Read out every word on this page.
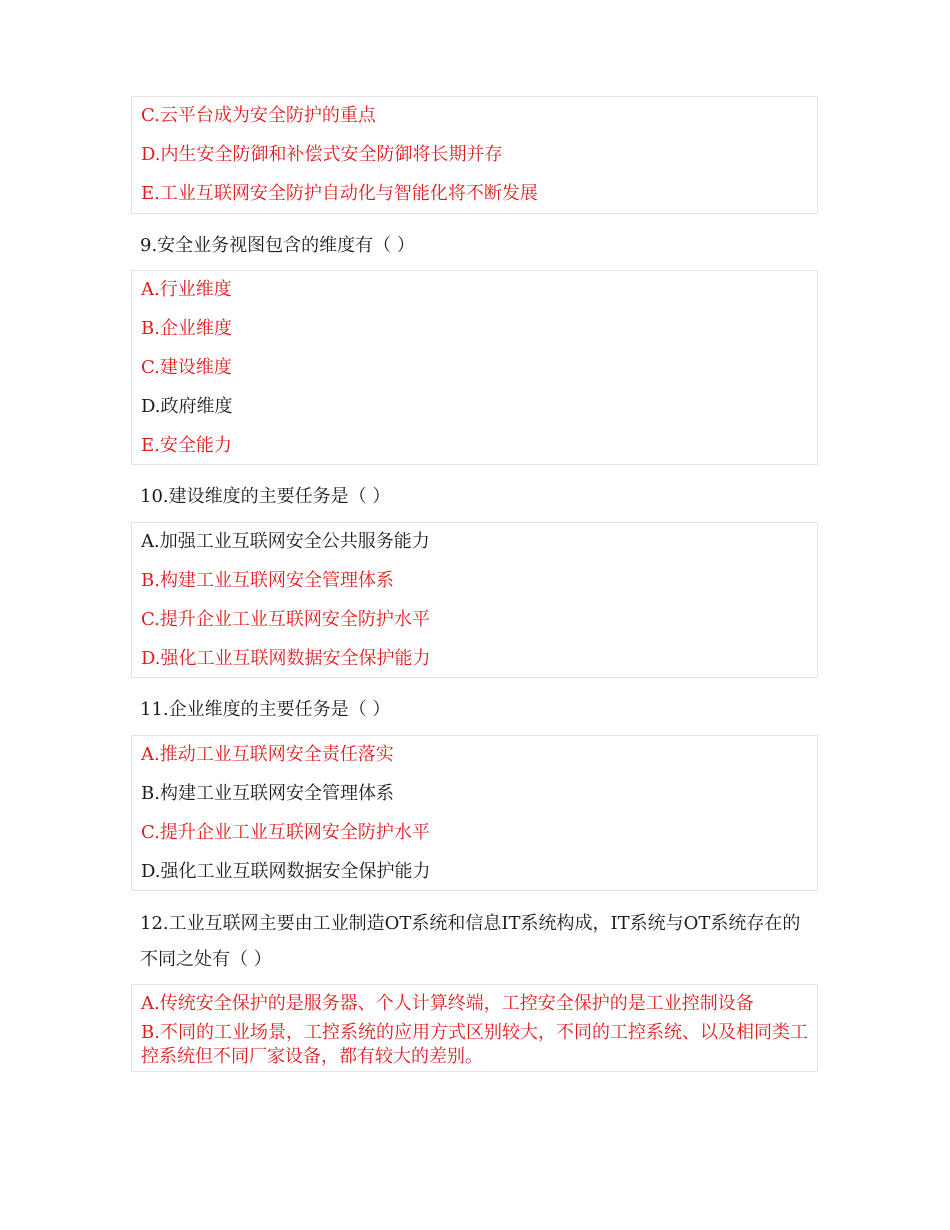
C.云平台成为安全防护的重点
D.内生安全防御和补偿式安全防御将长期并存
E.工业互联网安全防护自动化与智能化将不断发展
9.安全业务视图包含的维度有（ ）
A.行业维度
B.企业维度
C.建设维度
D.政府维度
E.安全能力
10.建设维度的主要任务是（ ）
A.加强工业互联网安全公共服务能力
B.构建工业互联网安全管理体系
C.提升企业工业互联网安全防护水平
D.强化工业互联网数据安全保护能力
11.企业维度的主要任务是（ ）
A.推动工业互联网安全责任落实
B.构建工业互联网安全管理体系
C.提升企业工业互联网安全防护水平
D.强化工业互联网数据安全保护能力
12.工业互联网主要由工业制造OT系统和信息IT系统构成，IT系统与OT系统存在的不同之处有（ ）
A.传统安全保护的是服务器、个人计算终端，工控安全保护的是工业控制设备
B.不同的工业场景，工控系统的应用方式区别较大，不同的工控系统、以及相同类工控系统但不同厂家设备，都有较大的差别。
